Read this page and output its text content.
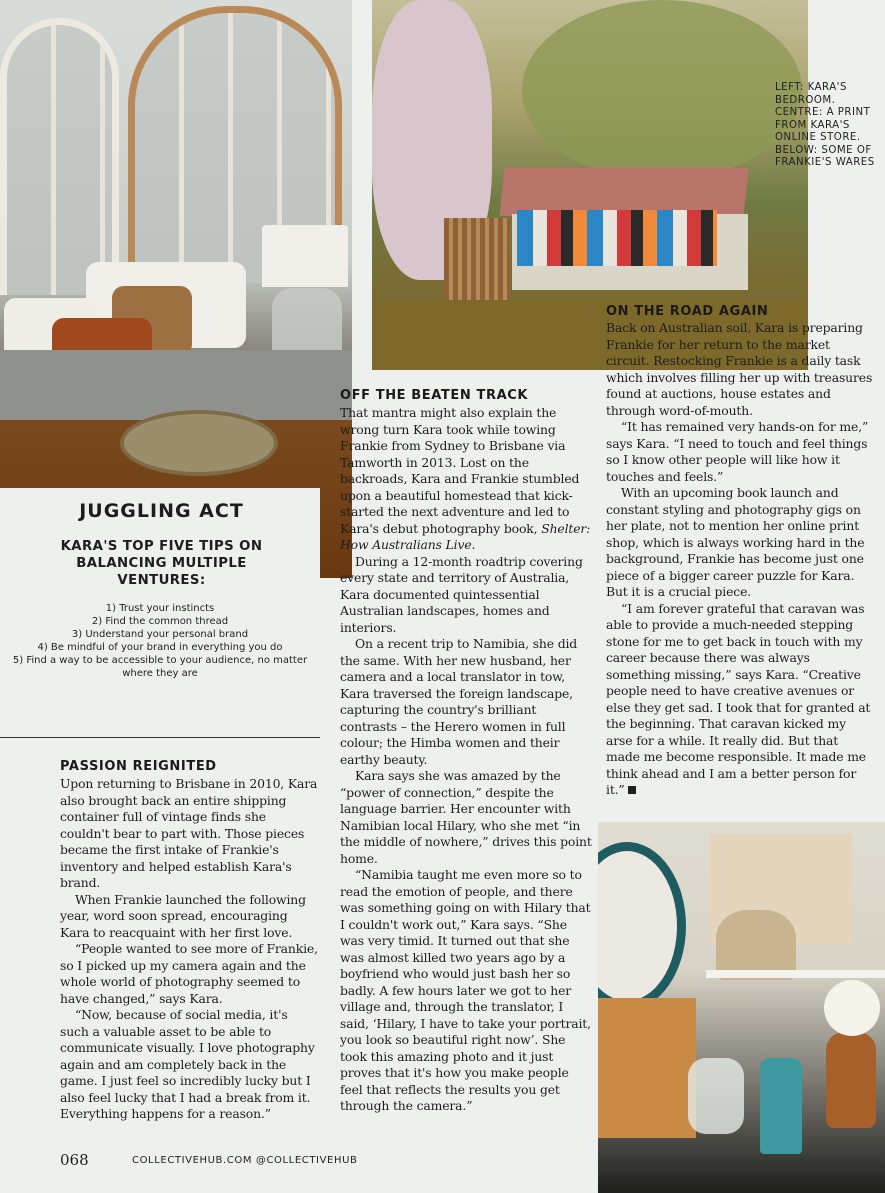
LEFT: KARA'S BEDROOM. CENTRE: A PRINT FROM KARA'S ONLINE STORE. BELOW: SOME OF FRANKIE'S WARES

JUGGLING ACT
KARA'S TOP FIVE TIPS ON BALANCING MULTIPLE VENTURES:
1) Trust your instincts
2) Find the common thread
3) Understand your personal brand
4) Be mindful of your brand in everything you do
5) Find a way to be accessible to your audience, no matter where they are
PASSION REIGNITED

Upon returning to Brisbane in 2010, Kara also brought back an entire shipping container full of vintage finds she couldn't bear to part with. Those pieces became the first intake of Frankie's inventory and helped establish Kara's brand.

When Frankie launched the following year, word soon spread, encouraging Kara to reacquaint with her first love.

“People wanted to see more of Frankie, so I picked up my camera again and the whole world of photography seemed to have changed,” says Kara.

“Now, because of social media, it's such a valuable asset to be able to communicate visually. I love photography again and am completely back in the game. I just feel so incredibly lucky but I also feel lucky that I had a break from it. Everything happens for a reason.”

OFF THE BEATEN TRACK

That mantra might also explain the wrong turn Kara took while towing Frankie from Sydney to Brisbane via Tamworth in 2013. Lost on the backroads, Kara and Frankie stumbled upon a beautiful homestead that kick-started the next adventure and led to Kara's debut photography book, Shelter: How Australians Live.

During a 12-month roadtrip covering every state and territory of Australia, Kara documented quintessential Australian landscapes, homes and interiors.

On a recent trip to Namibia, she did the same. With her new husband, her camera and a local translator in tow, Kara traversed the foreign landscape, capturing the country's brilliant contrasts – the Herero women in full colour; the Himba women and their earthy beauty.

Kara says she was amazed by the “power of connection,” despite the language barrier. Her encounter with Namibian local Hilary, who she met “in the middle of nowhere,” drives this point home.

“Namibia taught me even more so to read the emotion of people, and there was something going on with Hilary that I couldn't work out,” Kara says. “She was very timid. It turned out that she was almost killed two years ago by a boyfriend who would just bash her so badly. A few hours later we got to her village and, through the translator, I said, ‘Hilary, I have to take your portrait, you look so beautiful right now’. She took this amazing photo and it just proves that it's how you make people feel that reflects the results you get through the camera.”

ON THE ROAD AGAIN

Back on Australian soil, Kara is preparing Frankie for her return to the market circuit. Restocking Frankie is a daily task which involves filling her up with treasures found at auctions, house estates and through word-of-mouth.

“It has remained very hands-on for me,” says Kara. “I need to touch and feel things so I know other people will like how it touches and feels.”

With an upcoming book launch and constant styling and photography gigs on her plate, not to mention her online print shop, which is always working hard in the background, Frankie has become just one piece of a bigger career puzzle for Kara. But it is a crucial piece.

“I am forever grateful that caravan was able to provide a much-needed stepping stone for me to get back in touch with my career because there was always something missing,” says Kara. “Creative people need to have creative avenues or else they get sad. I took that for granted at the beginning. That caravan kicked my arse for a while. It really did. But that made me become responsible. It made me think ahead and I am a better person for it.”

068	COLLECTIVEHUB.COM @COLLECTIVEHUB
